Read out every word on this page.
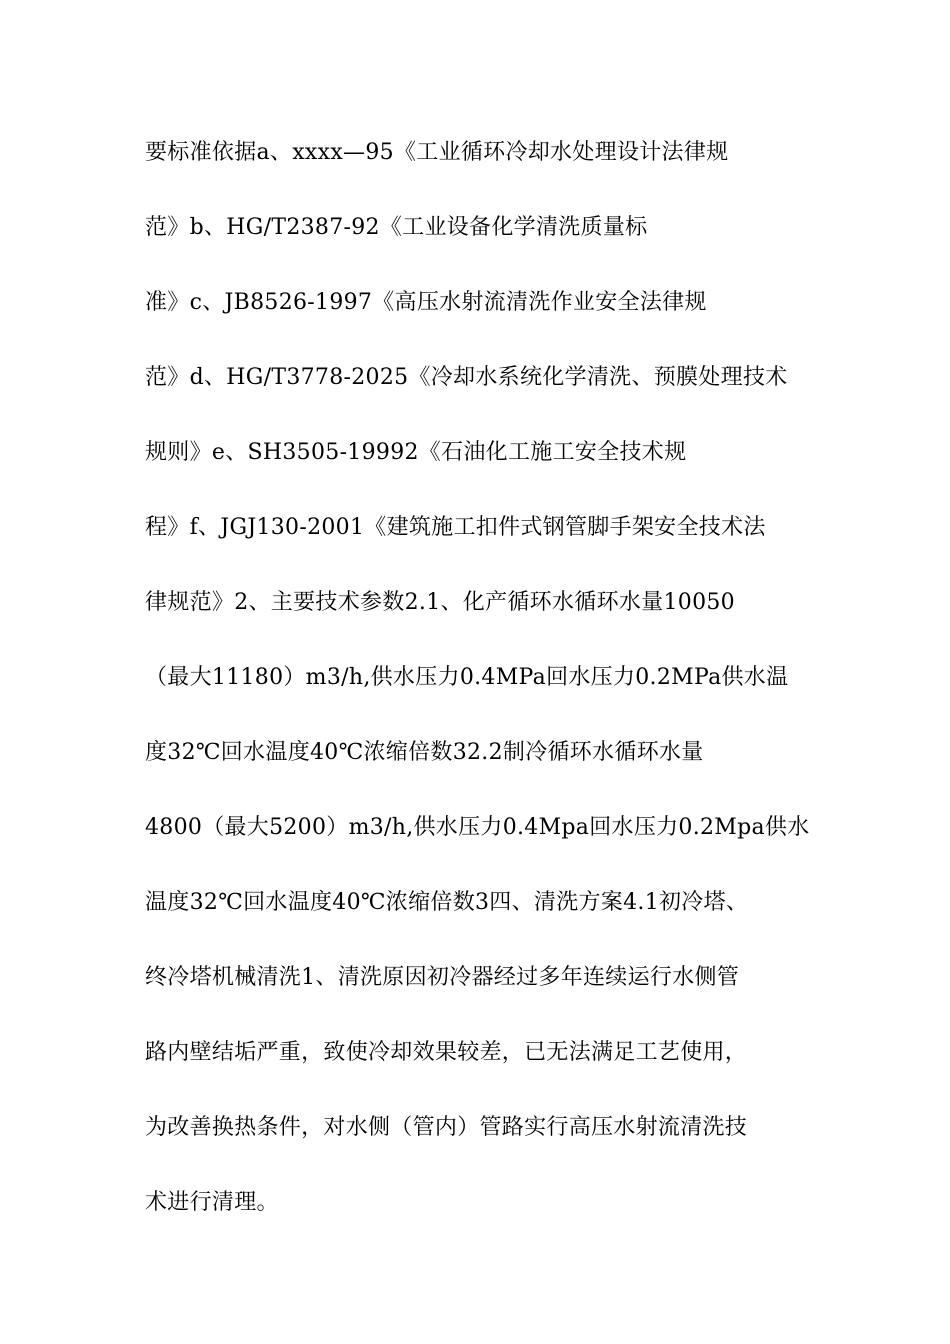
要标准依据a、xxxx—95《工业循环冷却水处理设计法律规
范》b、HG/T2387-92《工业设备化学清洗质量标
准》c、JB8526-1997《高压水射流清洗作业安全法律规
范》d、HG/T3778-2025《冷却水系统化学清洗、预膜处理技术
规则》e、SH3505-19992《石油化工施工安全技术规
程》f、JGJ130-2001《建筑施工扣件式钢管脚手架安全技术法
律规范》2、主要技术参数2.1、化产循环水循环水量10050
（最大11180）m3/h,供水压力0.4MPa回水压力0.2MPa供水温
度32℃回水温度40℃浓缩倍数32.2制冷循环水循环水量
4800（最大5200）m3/h,供水压力0.4Mpa回水压力0.2Mpa供水
温度32℃回水温度40℃浓缩倍数3四、清洗方案4.1初冷塔、
终冷塔机械清洗1、清洗原因初冷器经过多年连续运行水侧管
路内壁结垢严重，致使冷却效果较差，已无法满足工艺使用，
为改善换热条件，对水侧（管内）管路实行高压水射流清洗技
术进行清理。
